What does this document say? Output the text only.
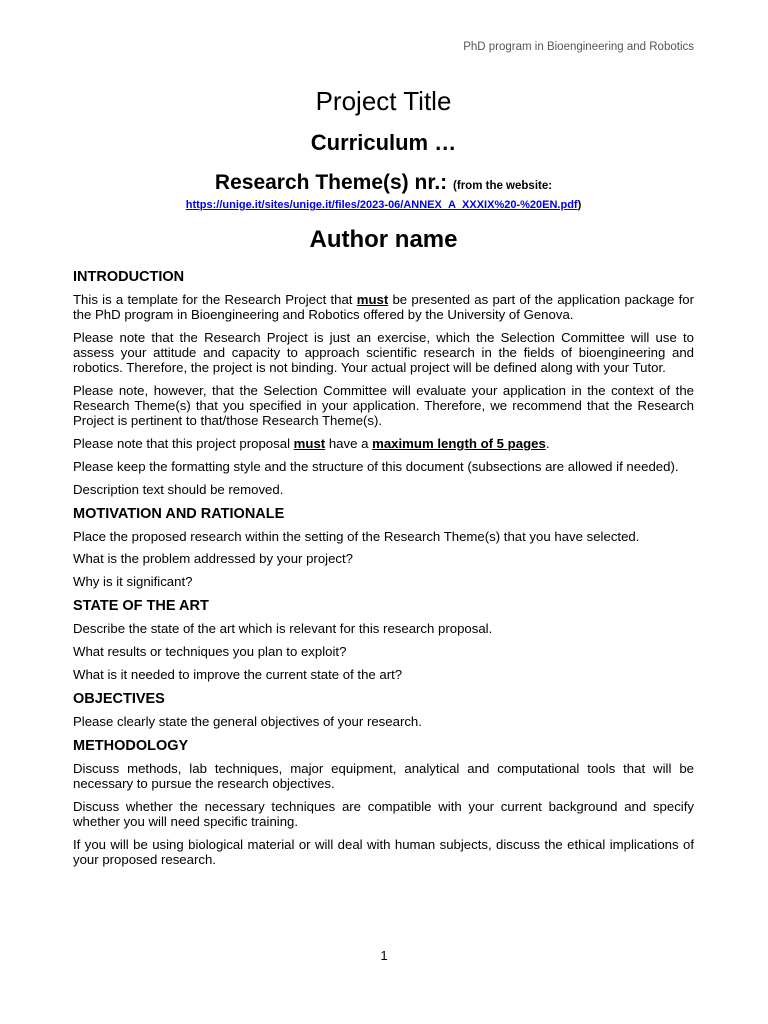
PhD program in Bioengineering and Robotics
Project Title
Curriculum …
Research Theme(s) nr.: (from the website:
https://unige.it/sites/unige.it/files/2023-06/ANNEX_A_XXXIX%20-%20EN.pdf)
Author name
INTRODUCTION

This is a template for the Research Project that must be presented as part of the application package for the PhD program in Bioengineering and Robotics offered by the University of Genova.

Please note that the Research Project is just an exercise, which the Selection Committee will use to assess your attitude and capacity to approach scientific research in the fields of bioengineering and robotics. Therefore, the project is not binding. Your actual project will be defined along with your Tutor.

Please note, however, that the Selection Committee will evaluate your application in the context of the Research Theme(s) that you specified in your application. Therefore, we recommend that the Research Project is pertinent to that/those Research Theme(s).

Please note that this project proposal must have a maximum length of 5 pages.

Please keep the formatting style and the structure of this document (subsections are allowed if needed).

Description text should be removed.

MOTIVATION AND RATIONALE

Place the proposed research within the setting of the Research Theme(s) that you have selected.

What is the problem addressed by your project?

Why is it significant?

STATE OF THE ART

Describe the state of the art which is relevant for this research proposal.

What results or techniques you plan to exploit?

What is it needed to improve the current state of the art?

OBJECTIVES

Please clearly state the general objectives of your research.

METHODOLOGY

Discuss methods, lab techniques, major equipment, analytical and computational tools that will be necessary to pursue the research objectives.

Discuss whether the necessary techniques are compatible with your current background and specify whether you will need specific training.

If you will be using biological material or will deal with human subjects, discuss the ethical implications of your proposed research.

1
